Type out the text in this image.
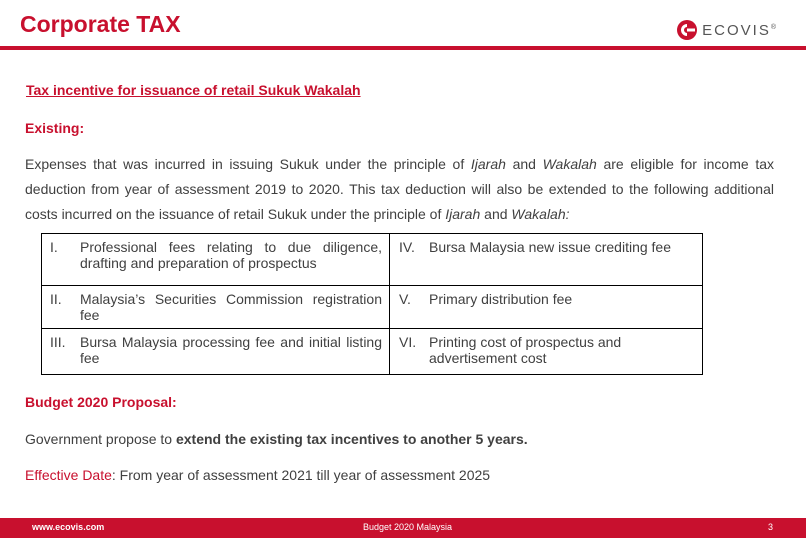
Corporate TAX	ECOVIS®
Tax incentive for issuance of retail Sukuk Wakalah
Existing:

Expenses that was incurred in issuing Sukuk under the principle of Ijarah and Wakalah are eligible for income tax deduction from year of assessment 2019 to 2020. This tax deduction will also be extended to the following additional costs incurred on the issuance of retail Sukuk under the principle of Ijarah and Wakalah:

I. Professional fees relating to due diligence, drafting and preparation of prospectus	IV. Bursa Malaysia new issue crediting fee

II. Malaysia’s Securities Commission registration fee	V. Primary distribution fee

III. Bursa Malaysia processing fee and initial listing fee	VI. Printing cost of prospectus and advertisement cost
Budget 2020 Proposal:
Government propose to extend the existing tax incentives to another 5 years.
Effective Date: From year of assessment 2021 till year of assessment 2025
www.ecovis.com	Budget 2020 Malaysia	3
